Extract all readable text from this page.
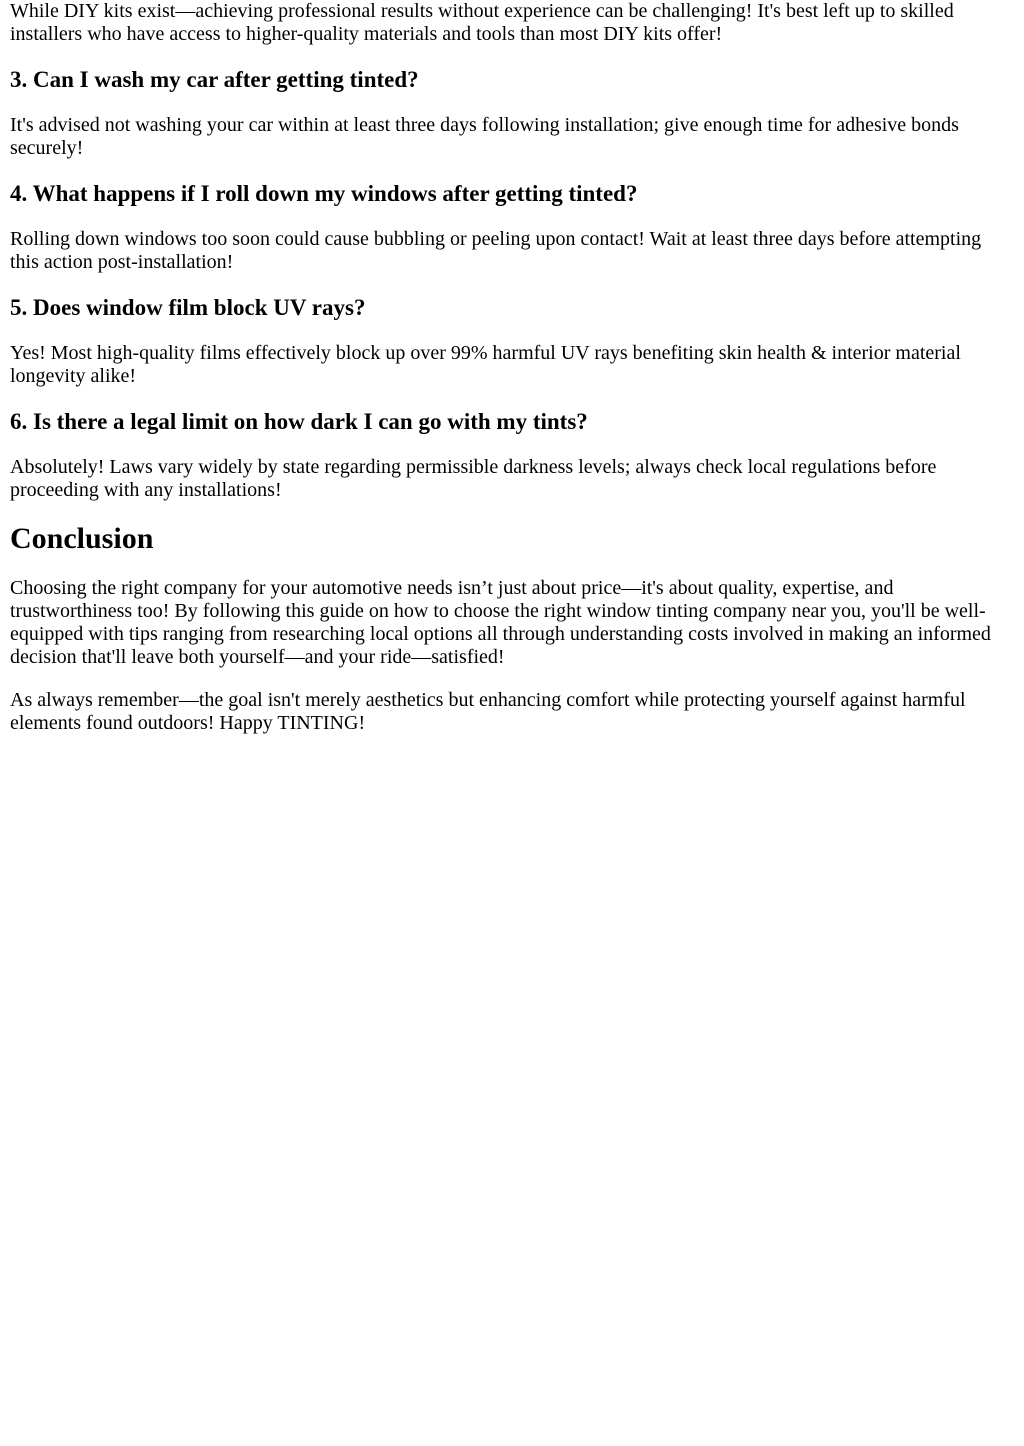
While DIY kits exist—achieving professional results without experience can be challenging! It's best left up to skilled installers who have access to higher-quality materials and tools than most DIY kits offer!

3. Can I wash my car after getting tinted?

It's advised not washing your car within at least three days following installation; give enough time for adhesive bonds securely!

4. What happens if I roll down my windows after getting tinted?

Rolling down windows too soon could cause bubbling or peeling upon contact! Wait at least three days before attempting this action post-installation!

5. Does window film block UV rays?

Yes! Most high-quality films effectively block up over 99% harmful UV rays benefiting skin health & interior material longevity alike!

6. Is there a legal limit on how dark I can go with my tints?

Absolutely! Laws vary widely by state regarding permissible darkness levels; always check local regulations before proceeding with any installations!

Conclusion

Choosing the right company for your automotive needs isn’t just about price—it's about quality, expertise, and trustworthiness too! By following this guide on how to choose the right window tinting company near you, you'll be well-equipped with tips ranging from researching local options all through understanding costs involved in making an informed decision that'll leave both yourself—and your ride—satisfied!

As always remember—the goal isn't merely aesthetics but enhancing comfort while protecting yourself against harmful elements found outdoors! Happy TINTING!
